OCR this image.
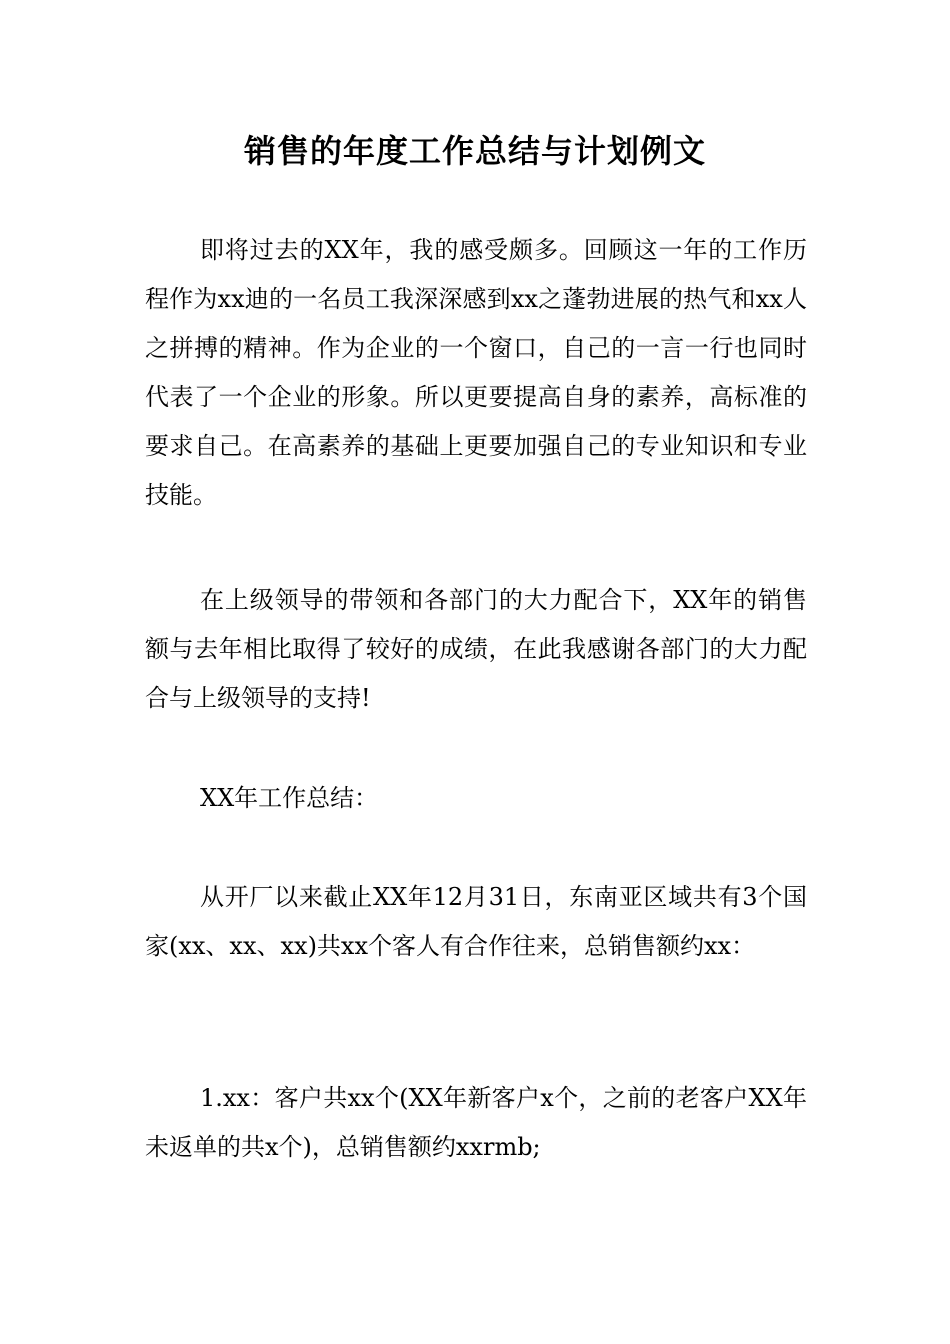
销售的年度工作总结与计划例文

即将过去的XX年，我的感受颇多。回顾这一年的工作历程作为xx迪的一名员工我深深感到xx之蓬勃进展的热气和xx人之拼搏的精神。作为企业的一个窗口，自己的一言一行也同时代表了一个企业的形象。所以更要提高自身的素养，高标准的要求自己。在高素养的基础上更要加强自己的专业知识和专业技能。

在上级领导的带领和各部门的大力配合下，XX年的销售额与去年相比取得了较好的成绩，在此我感谢各部门的大力配合与上级领导的支持!

XX年工作总结：

从开厂以来截止XX年12月31日，东南亚区域共有3个国家(xx、xx、xx)共xx个客人有合作往来，总销售额约xx：

1.xx：客户共xx个(XX年新客户x个，之前的老客户XX年未返单的共x个)，总销售额约xxrmb;
